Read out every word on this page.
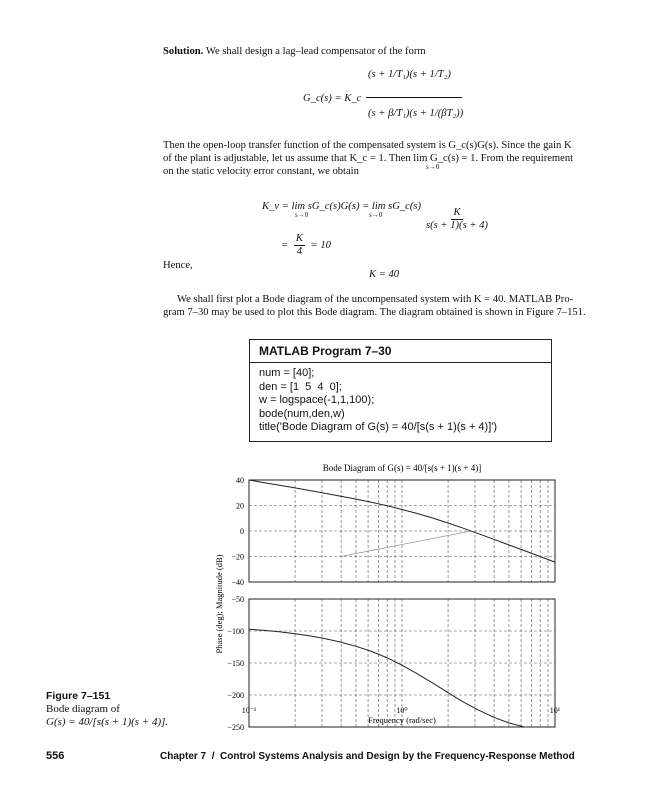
Solution. We shall design a lag–lead compensator of the form
G_c(s) = K_c
(s + 1/T₁)(s + 1/T₂)
(s + β/T₁)(s + 1/(βT₂))
Then the open-loop transfer function of the compensated system is G_c(s)G(s). Since the gain K
of the plant is adjustable, let us assume that K_c = 1. Then lim G_c(s) = 1. From the requirement
on the static velocity error constant, we obtain	s→0
K_v = lim sG_c(s)G(s) = lim sG_c(s)
s→0	s→0	$\frac{K}{s(s + 1)(s + 4)}$
= $\frac{K}{4} = 10$
Hence,
K = 40
We shall first plot a Bode diagram of the uncompensated system with K = 40. MATLAB Pro-
gram 7–30 may be used to plot this Bode diagram. The diagram obtained is shown in Figure 7–151.
MATLAB Program 7–30
num = [40];
den = [1  5  4  0];
w = logspace(-1,1,100);
bode(num,den,w)
title('Bode Diagram of G(s) = 40/[s(s + 1)(s + 4)]')
Bode Diagram of G(s) = 40/[s(s + 1)(s + 4)]
40
20
0
−20
−40
−50
−100
−150
−200
−250
10⁻¹	10⁰	10¹
Frequency (rad/sec)
Phase (deg); Magnitude (dB)
Figure 7–151
Bode diagram of
G(s) = 40/[s(s + 1)(s + 4)].
556	Chapter 7 / Control Systems Analysis and Design by the Frequency-Response Method
